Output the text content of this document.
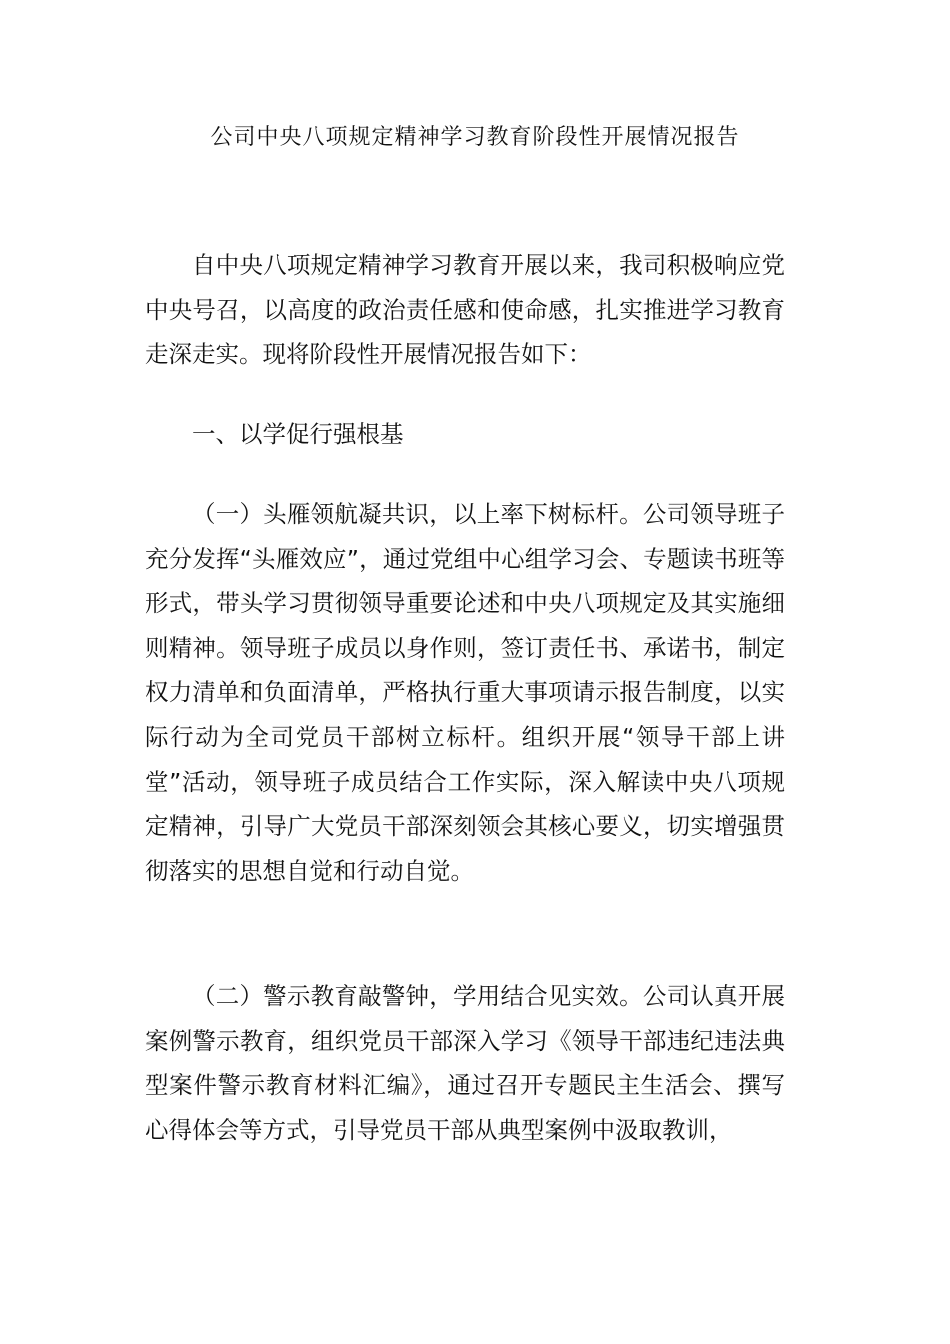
公司中央八项规定精神学习教育阶段性开展情况报告

自中央八项规定精神学习教育开展以来，我司积极响应党中央号召，以高度的政治责任感和使命感，扎实推进学习教育走深走实。现将阶段性开展情况报告如下：

一、以学促行强根基

（一）头雁领航凝共识，以上率下树标杆。公司领导班子充分发挥“头雁效应”，通过党组中心组学习会、专题读书班等形式，带头学习贯彻领导重要论述和中央八项规定及其实施细则精神。领导班子成员以身作则，签订责任书、承诺书，制定权力清单和负面清单，严格执行重大事项请示报告制度，以实际行动为全司党员干部树立标杆。组织开展“领导干部上讲堂”活动，领导班子成员结合工作实际，深入解读中央八项规定精神，引导广大党员干部深刻领会其核心要义，切实增强贯彻落实的思想自觉和行动自觉。

（二）警示教育敲警钟，学用结合见实效。公司认真开展案例警示教育，组织党员干部深入学习《领导干部违纪违法典型案件警示教育材料汇编》，通过召开专题民主生活会、撰写心得体会等方式，引导党员干部从典型案例中汲取教训，
